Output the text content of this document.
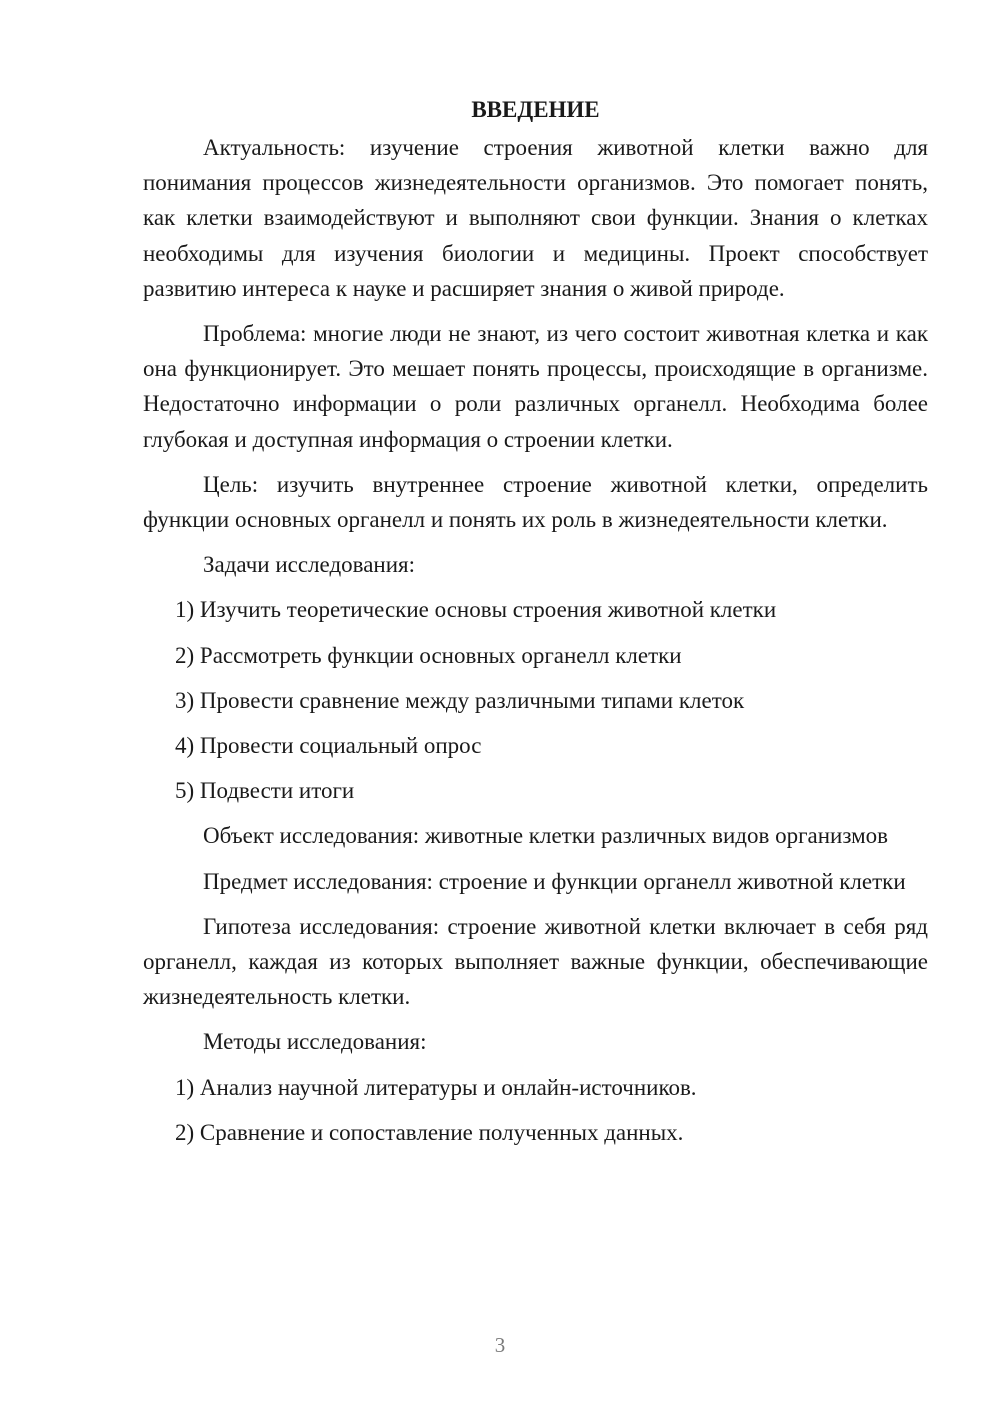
ВВЕДЕНИЕ

Актуальность: изучение строения животной клетки важно для понимания процессов жизнедеятельности организмов. Это помогает понять, как клетки взаимодействуют и выполняют свои функции. Знания о клетках необходимы для изучения биологии и медицины. Проект способствует развитию интереса к науке и расширяет знания о живой природе.

Проблема: многие люди не знают, из чего состоит животная клетка и как она функционирует. Это мешает понять процессы, происходящие в организме. Недостаточно информации о роли различных органелл. Необходима более глубокая и доступная информация о строении клетки.

Цель: изучить внутреннее строение животной клетки, определить функции основных органелл и понять их роль в жизнедеятельности клетки.

Задачи исследования:

1) Изучить теоретические основы строения животной клетки

2) Рассмотреть функции основных органелл клетки

3) Провести сравнение между различными типами клеток

4) Провести социальный опрос

5) Подвести итоги

Объект исследования: животные клетки различных видов организмов

Предмет исследования: строение и функции органелл животной клетки

Гипотеза исследования: строение животной клетки включает в себя ряд органелл, каждая из которых выполняет важные функции, обеспечивающие жизнедеятельность клетки.

Методы исследования:

1) Анализ научной литературы и онлайн-источников.

2) Сравнение и сопоставление полученных данных.

3
